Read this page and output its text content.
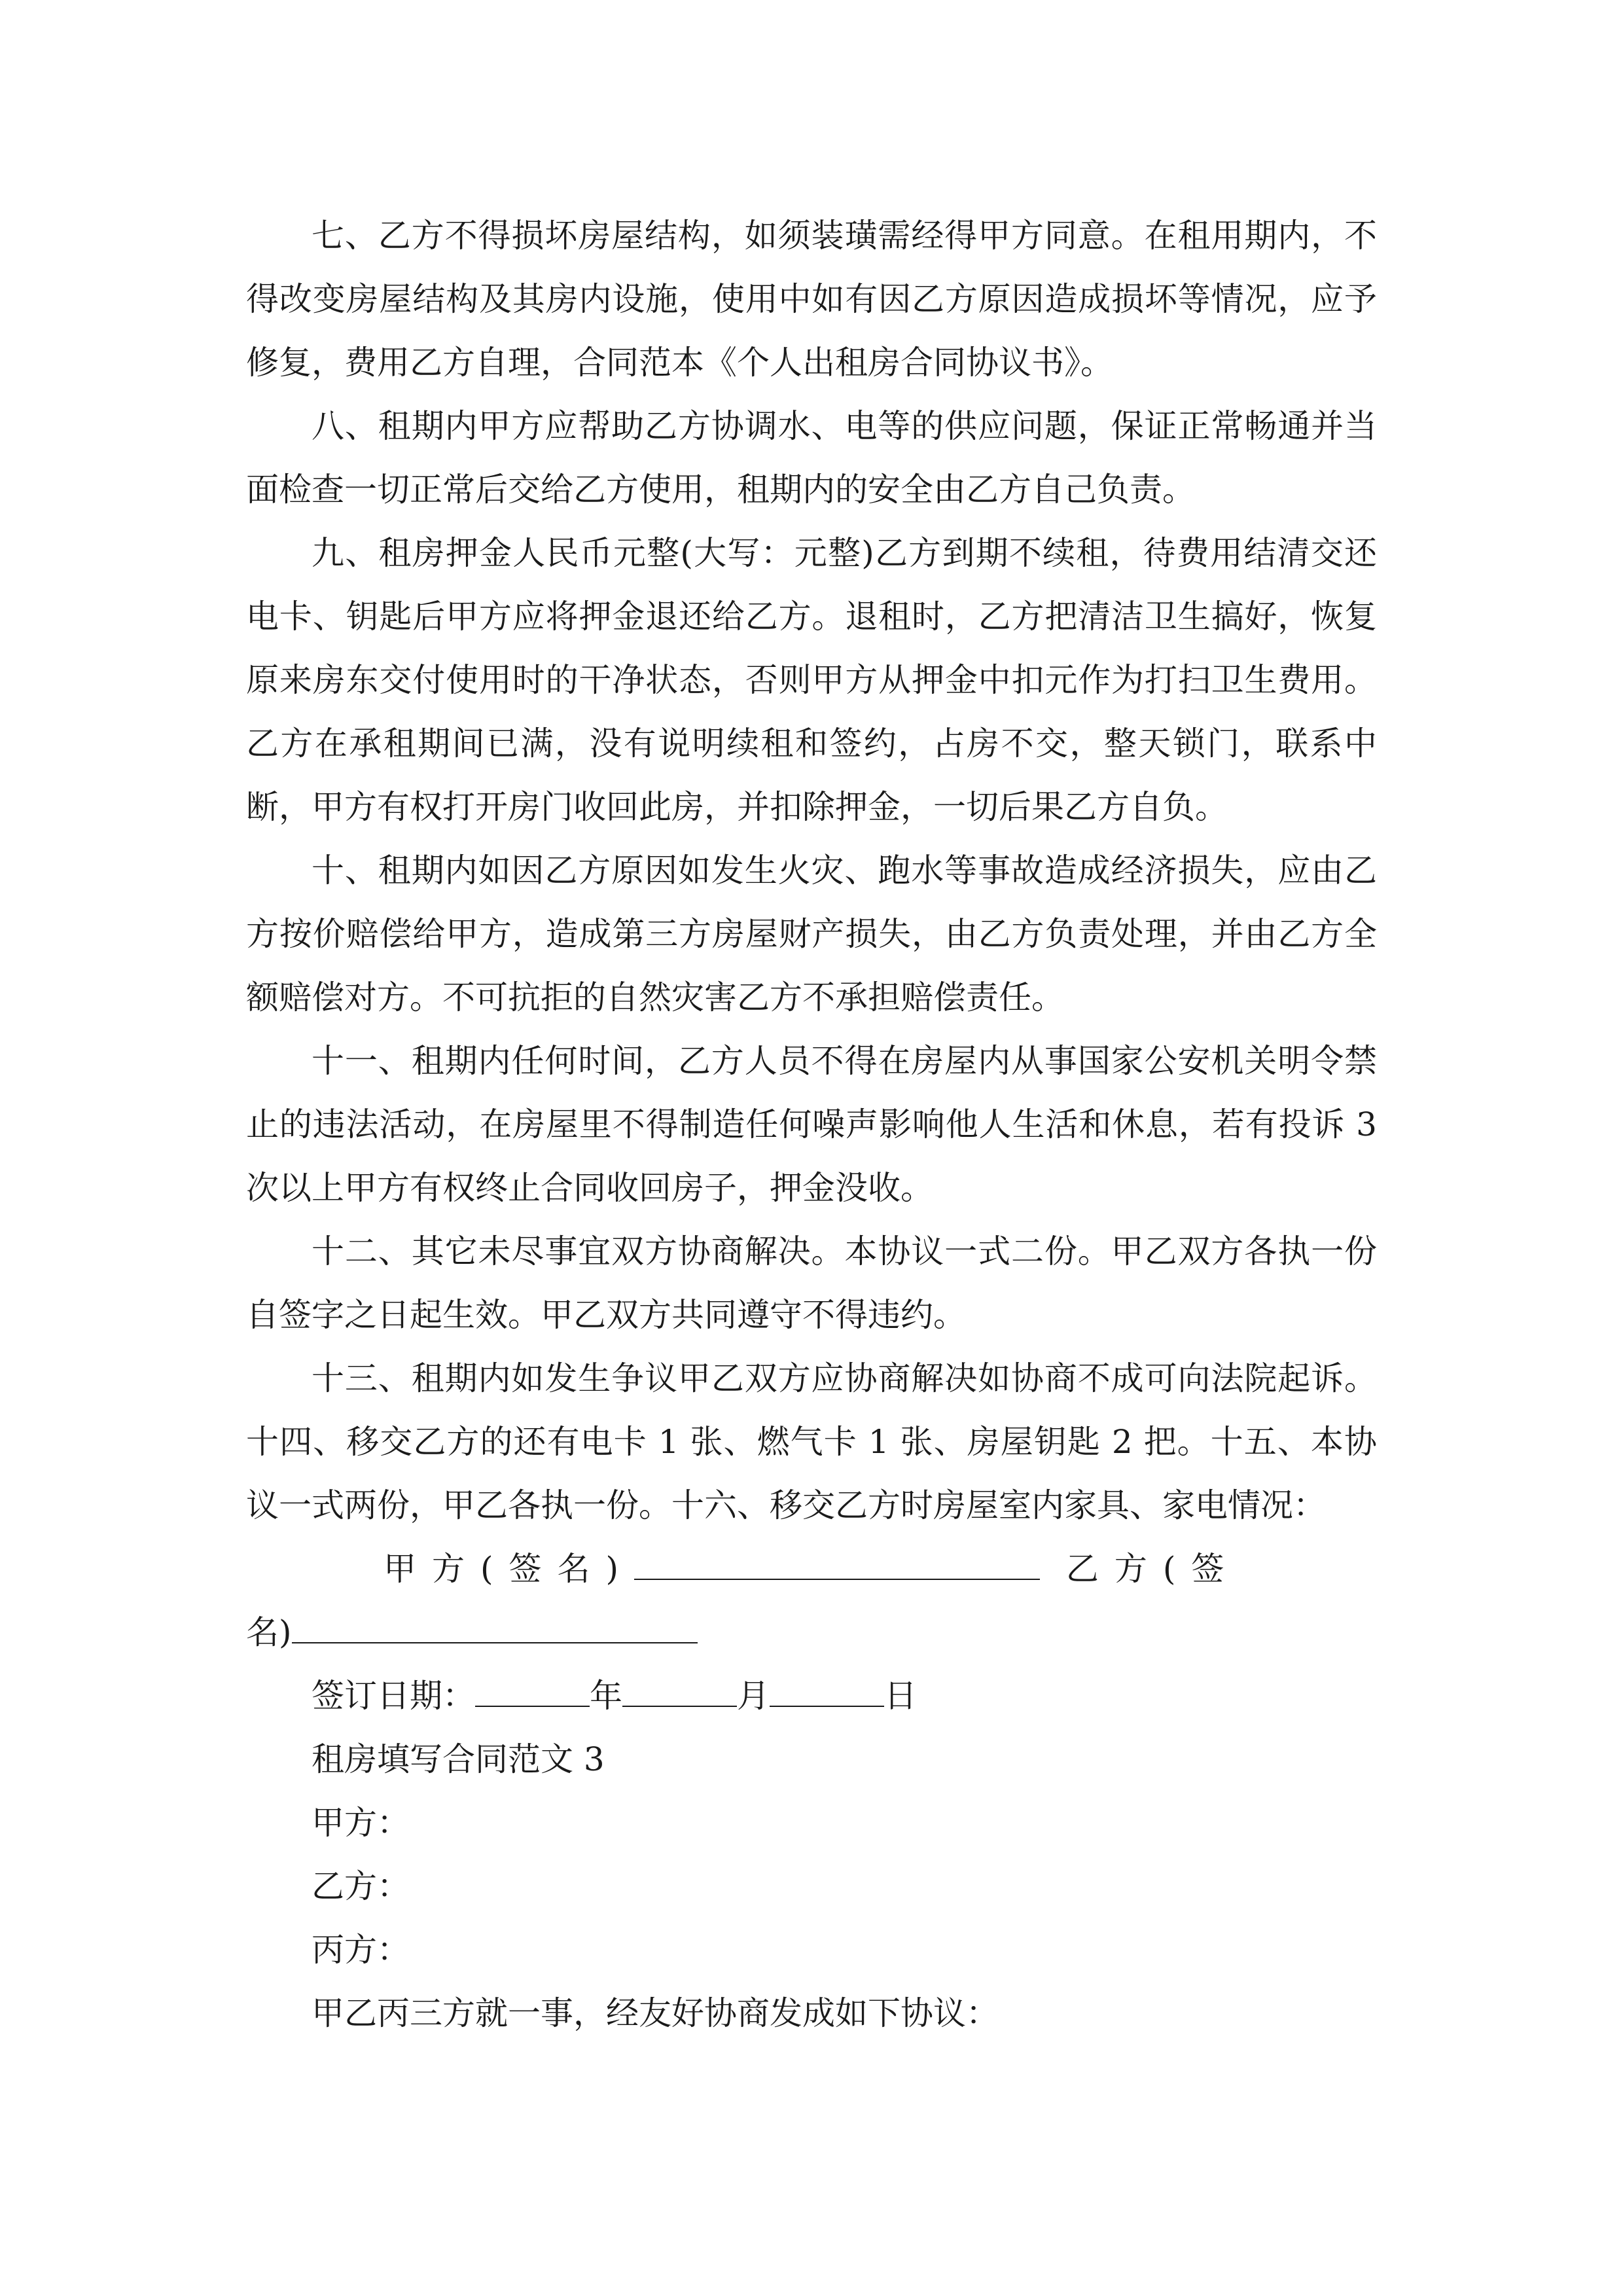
七、乙方不得损坏房屋结构，如须装璜需经得甲方同意。在租用期内，不得改变房屋结构及其房内设施，使用中如有因乙方原因造成损坏等情况，应予修复，费用乙方自理，合同范本《个人出租房合同协议书》。

八、租期内甲方应帮助乙方协调水、电等的供应问题，保证正常畅通并当面检查一切正常后交给乙方使用，租期内的安全由乙方自己负责。

九、租房押金人民币元整(大写：元整)乙方到期不续租，待费用结清交还电卡、钥匙后甲方应将押金退还给乙方。退租时，乙方把清洁卫生搞好，恢复原来房东交付使用时的干净状态，否则甲方从押金中扣元作为打扫卫生费用。乙方在承租期间已满，没有说明续租和签约，占房不交，整天锁门，联系中断，甲方有权打开房门收回此房，并扣除押金，一切后果乙方自负。

十、租期内如因乙方原因如发生火灾、跑水等事故造成经济损失，应由乙方按价赔偿给甲方，造成第三方房屋财产损失，由乙方负责处理，并由乙方全额赔偿对方。不可抗拒的自然灾害乙方不承担赔偿责任。

十一、租期内任何时间，乙方人员不得在房屋内从事国家公安机关明令禁止的违法活动，在房屋里不得制造任何噪声影响他人生活和休息，若有投诉 3 次以上甲方有权终止合同收回房子，押金没收。

十二、其它未尽事宜双方协商解决。本协议一式二份。甲乙双方各执一份自签字之日起生效。甲乙双方共同遵守不得违约。

十三、租期内如发生争议甲乙双方应协商解决如协商不成可向法院起诉。十四、移交乙方的还有电卡 1 张、燃气卡 1 张、房屋钥匙 2 把。十五、本协议一式两份，甲乙各执一份。十六、移交乙方时房屋室内家具、家电情况：

甲方(签名)	乙方(签

名)

签订日期：	年	月	日

租房填写合同范文 3

甲方：

乙方：

丙方：

甲乙丙三方就一事，经友好协商发成如下协议：
